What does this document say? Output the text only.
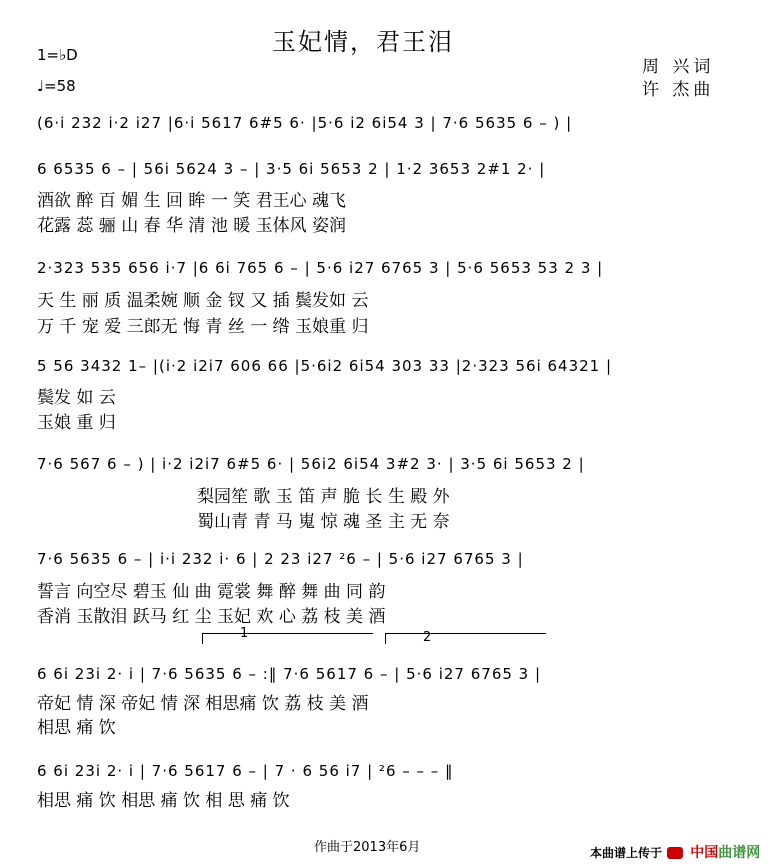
玉妃情，君王泪
1=♭D
♩=58
周 兴词
许 杰曲
(6·i 232 i·2 i27 |6·i 5617 6#5 6· |5·6 i2 6i54 3 | 7·6 5635 6 – ) |
6 6535 6 – | 56i 5624 3 – | 3·5 6i 5653 2 | 1·2 3653 2#1 2· |
酒欲 醉 百 媚 生 回 眸 一 笑 君王心 魂飞
花露 蕊 骊 山 春 华 清 池 暖 玉体风 姿润
2·323 535 656 i·7 |6 6i 765 6 – | 5·6 i27 6765 3 | 5·6 5653 53 2 3 |
天 生 丽 质 温柔婉 顺 金 钗 又 插 鬓发如 云
万 千 宠 爱 三郎无 悔 青 丝 一 绺 玉娘重 归
5 56 3432 1– |(i·2 i2i7 606 66 |5·6i2 6i54 303 33 |2·323 56i 64321 |
鬓发 如 云
玉娘 重 归
7·6 567 6 – ) | i·2 i2i7 6#5 6· | 56i2 6i54 3#2 3· | 3·5 6i 5653 2 |
梨园笙 歌 玉 笛 声 脆 长 生 殿 外
蜀山青 青 马 嵬 惊 魂 圣 主 无 奈
7·6 5635 6 – | i·i 232 i· 6 | 2 23 i27 ²6 – | 5·6 i27 6765 3 |
誓言 向空尽 碧玉 仙 曲 霓裳 舞 醉 舞 曲 同 韵
香消 玉散泪 跃马 红 尘 玉妃 欢 心 荔 枝 美 酒
1	2
6 6i 23i 2· i | 7·6 5635 6 – :‖ 7·6 5617 6 – | 5·6 i27 6765 3 |
帝妃 情 深 帝妃 情 深 相思痛 饮 荔 枝 美 酒
相思 痛 饮
6 6i 23i 2· i | 7·6 5617 6 – | 7 · 6 56 i7 | ²6 – – – ‖
相思 痛 饮 相思 痛 饮 相 思 痛 饮
作曲于2013年6月	本曲谱上传于 中国曲谱网
